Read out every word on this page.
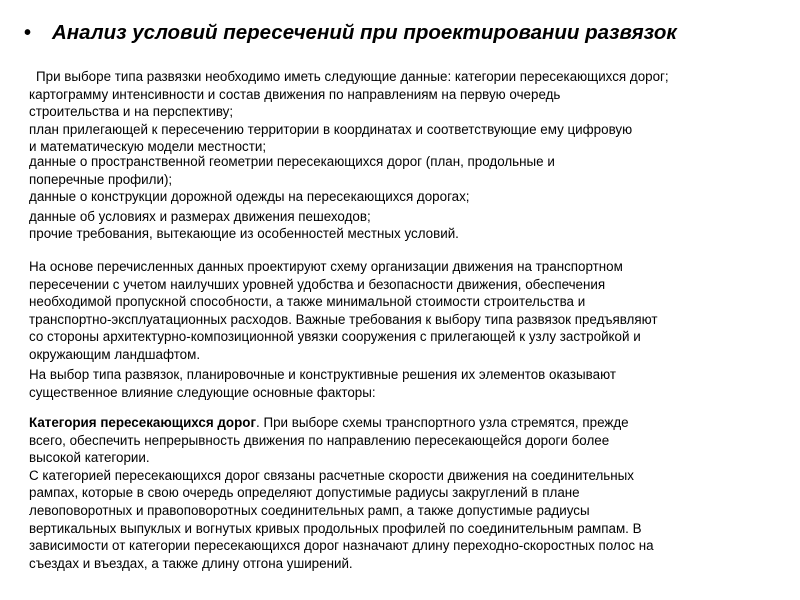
•	Анализ условий пересечений при проектировании развязок
При выборе типа развязки необходимо иметь следующие данные: категории пересекающихся дорог;
картограмму интенсивности и состав движения по направлениям на первую очередь
строительства и на перспективу;
план прилегающей к пересечению территории в координатах и соответствующие ему цифровую
и математическую модели местности;
данные о пространственной геометрии пересекающихся дорог (план, продольные и
поперечные профили);
данные о конструкции дорожной одежды на пересекающихся дорогах;
данные об условиях и размерах движения пешеходов;
прочие требования, вытекающие из особенностей местных условий.
На основе перечисленных данных проектируют схему организации движения на транспортном
пересечении с учетом наилучших уровней удобства и безопасности движения, обеспечения
необходимой пропускной способности, а также минимальной стоимости строительства и
транспортно-эксплуатационных расходов. Важные требования к выбору типа развязок предъявляют
со стороны архитектурно-композиционной увязки сооружения с прилегающей к узлу застройкой и
окружающим ландшафтом.
На выбор типа развязок, планировочные и конструктивные решения их элементов оказывают
существенное влияние следующие основные факторы:
Категория пересекающихся дорог. При выборе схемы транспортного узла стремятся, прежде
всего, обеспечить непрерывность движения по направлению пересекающейся дороги более
высокой категории.
С категорией пересекающихся дорог связаны расчетные скорости движения на соединительных
рампах, которые в свою очередь определяют допустимые радиусы закруглений в плане
левоповоротных и правоповоротных соединительных рамп, а также допустимые радиусы
вертикальных выпуклых и вогнутых кривых продольных профилей по соединительным рампам. В
зависимости от категории пересекающихся дорог назначают длину переходно-скоростных полос на
съездах и въездах, а также длину отгона уширений.
